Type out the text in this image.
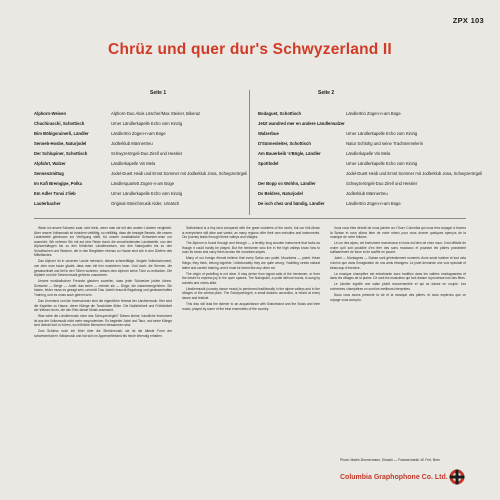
ZPX 103
Chrüz und quer dur's Schwyzerland II
Seite 1	Seite 2
Alphorn-Weisen	Alphorn-Duo Alois Löscher/Max Steiner, Bikeraz
Chuchiraschi, Schottisch	Urner Ländlerkapelle Echo vom Kinzig
Bim Böbigsrainerli, Ländler	Ländlertrio Zogen-n-am Boge
Senneb-Hosbe, Naturjodel	Jodlerklub Männertreu
Der Schlupiner, Schottisch	Schwyzerörgeli-Duo Zirell und Hessler
Alpfahrt, Walzer	Ländlerkapelle Vis Mela
Sennenzmittag	Jodel-Duett Heidi und Ernst Sommer mit Jodlerklub Jona, Schwyzerörgeli
Im Kafi Bremgipe, Polka	Ländlerquartett Zogen-n-am Boge
Em Adler Tonsi z'lieb	Urner Ländlerkapelle Echo vom Kinzig
Lauterbacher	Original-Streichmusik Alder, Urnäsch
Bodaguet, Schottisch	Ländlertrio Zogen-n-am Boge
Jetzt wandred mer en andere Ländlerwalzer
Walzerbue	Urner Ländlerkapelle Echo vom Kinzig
D'Sünnenleiter, Schottisch	Natur Schlühg und seine Trachtenmelerin
Am Bauerkeib 's'Bögle, Ländler	Ländlerkapelle Vis Mela
Spottlodel	Urner Ländlerkapelle Echo vom Kinzig
Jodel-Duett Heidi und Ernst Sommer mit Jodlerklub Jona, Schwyzerörgeli
Der Bopp vo Wohhn, Ländler	Schwyzerörgeli-Duo Zirell und Hessler
Ds Beldres, Naturjodel	Jodlerklub Männertreu
De isch chez und bändig, Ländler	Ländlertrio Zogen-n-am Boge

Wann ist unsere Schweiz zwar, sehr klein, wenn man sie mit den andern Ländern vergleicht. Aber unsere Volksmusik ist trotzdem vielfältig, so vielfältig, dass die besagte Beweis, die unsere Landesteile gleichsam zur Verfügung stellt, für unsere musikalische Schweizer-reise nur ausreicht. Wir nehmen Sie mit auf eine Reise durch die verschiedensten Landesteile, von den Alphornklängen bis zu den fröhlichen Ländlerweisen, von den Naturjodeln bis zu den Schottischen und Walzern, die in den Bergtälern ebenso zu Hause sind wie in den Dörfern des Mittellandes.

Das Alphorn ist in unserem Lande heimisch, dieses schwerfällige, längste Volksinstrument, von dem man kaum glaubt, dass man mit ihm musizieren kann. Und doch: die Sennen, die gewissenhaft und tief in den Tälern wohnten, wissen dem Alphorn seine Töne zu entlocken. Die Alpfahrt und die Sennenmusik gehören zusammen.

Unsere musikalischen Freunde glauben zuweilen, dass jeder Schweizer jodeln könne. Schwerer — Berge — Jodel: das seien — meinen sie — Dinge, die zusammengehören. Sie haben, leider muss es gesagt sein, unrecht! Das Jodeln braucht Begabung und gewissenhaftes Training, und es muss auch gelernt sein.

Das Urnerland und die Innerschweiz sind die eigentliche Heimat der Ländlermusik. Hier sind die Kapellen zu Hause, deren Klänge die Tanzböden füllen. Die Natürlichkeit und Fröhlichkeit der Weisen ist es, die den Reiz dieser Musik ausmacht.

Was wäre die Ländlermusik ohne das Schwyzerörgeli? Dieses kleine, handliche Instrument ist aus der Volksmusik nicht mehr wegzudenken. Es begleitet Jodel und Tanz, und seine Klänge sind überall dort zu hören, wo fröhliche Menschen beisammen sind.

Zum Schluss noch ein Wort über die Streichmusik: sie ist die älteste Form der schweizerischen Volksmusik und hat sich im Appenzellerland bis heute lebendig erhalten.

Switzerland is a tiny land compared with the great countries of the world, but our folk-Music is everywhere still alive and varied, as many regions offer their own melodies and instruments. Our journey leads through these valleys and villages.

The Alphorn is found through and through — a terribly long wooden instrument that looks as though it could hardly be played. But the herdsmen who live in the high valleys know how to coax its tones and carry them across the mountain slopes.

Many of our foreign friends believe that every Swiss can yodel. Mountains — yodel: these things, they think, belong together. Unfortunately they are quite wrong. Yodelling needs natural talent and careful training, and it must be learnt like any other art.

The origin of yodelling is not clear. It may derive from signal calls of the herdsmen, or from the desire to express joy in the open spaces. The Naturjodel, a yodel without words, is sung by soloists and choirs alike.

Ländlermusik (country dance music) is performed traditionally in the alpine valleys and in the villages of the central plain. The Schwyzerörgeli, a small diatonic accordion, is heard at every dance and festival.

This disc will lead the listener to an acquaintance with Switzerland and the Swiss and their music, played by some of the best ensembles of the country.

Vous vous êtes décidé de nous joindre au «Tour» Colombia qui vous fera voyager à travers la Suisse et vous allons faire de notre mieux pour vous donner quelques aperçus de la musique de notre folklore.

Le cor des alpes, cet instrument monstrueux en bois est bien de chez nous. Il est difficile de croire qu'il soit possible d'en tirer des sons musicaux et pourtant les pâtres possèdent suffisamment de force et de souffle en jouant.

Jodel — Montagnes — Suisse sont généralement nommés d'une seule haleine et tout cela n'arrive que dans l'imagination de nos amis étrangers. Le jodel demande une voix spéciale et beaucoup d'exercice.

La musique champêtre est entraînante avec tradition dans les vallées montagnardes et dans les villages de la plaine. Ce sont les musiciens qui font danser la jeunesse lors des fêtes.

Le Ländler signifie une valse plutôt mouvementée et qui se danse en couple. Les orchestres champêtres en sont les meilleurs interprètes.

Nous vous avons présenté la vie et la musique des pâtres, et nous espérons que ce voyage vous aura plu.

Photo: Martin Zimmermann, Sirnach — Fotomechanik: W. Frei, Bern
Columbia Graphophone Co. Ltd.
